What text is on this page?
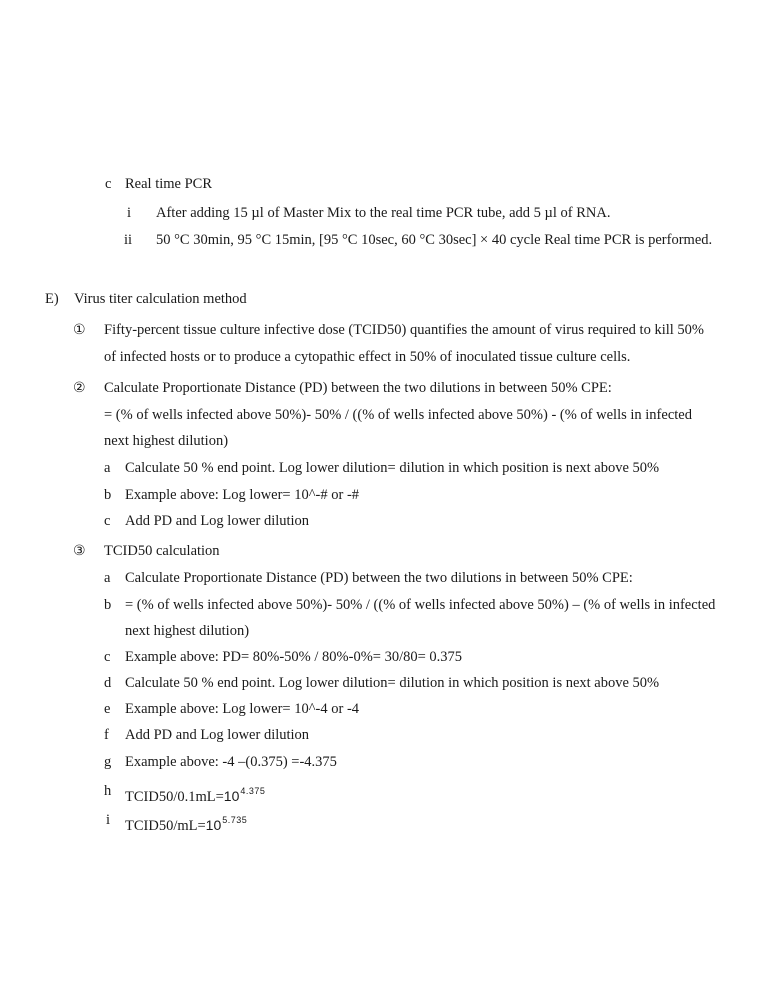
c Real time PCR
i After adding 15 µl of Master Mix to the real time PCR tube, add 5 µl of RNA.
ii 50 °C 30min, 95 °C 15min, [95 °C 10sec, 60 °C 30sec] × 40 cycle Real time PCR is performed.
E) Virus titer calculation method
① Fifty-percent tissue culture infective dose (TCID50) quantifies the amount of virus required to kill 50%
of infected hosts or to produce a cytopathic effect in 50% of inoculated tissue culture cells.
② Calculate Proportionate Distance (PD) between the two dilutions in between 50% CPE:
= (% of wells infected above 50%)- 50% / ((% of wells infected above 50%) - (% of wells in infected
next highest dilution)
a Calculate 50 % end point. Log lower dilution= dilution in which position is next above 50%
b Example above: Log lower= 10^-# or -#
c Add PD and Log lower dilution
③ TCID50 calculation
a Calculate Proportionate Distance (PD) between the two dilutions in between 50% CPE:
b = (% of wells infected above 50%)- 50% / ((% of wells infected above 50%) – (% of wells in infected
next highest dilution)
c Example above: PD= 80%-50% / 80%-0%= 30/80= 0.375
d Calculate 50 % end point. Log lower dilution= dilution in which position is next above 50%
e Example above: Log lower= 10^-4 or -4
f Add PD and Log lower dilution
g Example above: -4 –(0.375) =-4.375
h $TCID50/0.1mL=10^{4.375}$
i $TCID50/mL=10^{5.735}$
